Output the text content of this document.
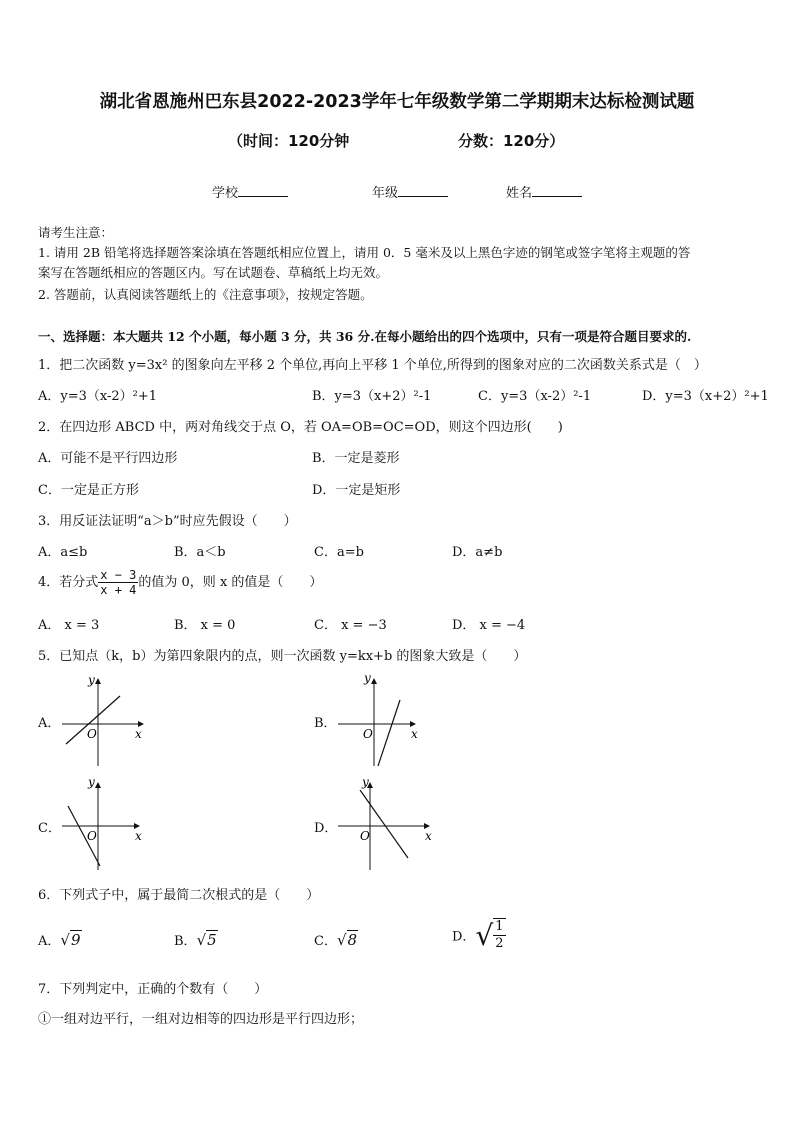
湖北省恩施州巴东县2022-2023学年七年级数学第二学期期末达标检测试题
（时间：120分钟	分数：120分）
学校	年级	姓名
请考生注意：
1. 请用 2B 铅笔将选择题答案涂填在答题纸相应位置上，请用 0．5 毫米及以上黑色字迹的钢笔或签字笔将主观题的答
案写在答题纸相应的答题区内。写在试题卷、草稿纸上均无效。
2. 答题前，认真阅读答题纸上的《注意事项》，按规定答题。
一、选择题：本大题共 12 个小题，每小题 3 分，共 36 分.在每小题给出的四个选项中，只有一项是符合题目要求的.
1．把二次函数 y=3x² 的图象向左平移 2 个单位,再向上平移 1 个单位,所得到的图象对应的二次函数关系式是（　）
A．y=3（x-2）²+1	B．y=3（x+2）²-1	C．y=3（x-2）²-1	D．y=3（x+2）²+1
2．在四边形 ABCD 中，两对角线交于点 O，若 OA=OB=OC=OD，则这个四边形(　　)
A．可能不是平行四边形	B．一定是菱形
C．一定是正方形	D．一定是矩形
3．用反证法证明“a＞b”时应先假设（　　）
A．a≤b	B．a＜b	C．a=b	D．a≠b
4．若分式 $\frac{x - 3}{x + 4}$ 的值为 0，则 x 的值是（　　）
A． x = 3	B． x = 0	C． x = −3	D． x = −4
5．已知点（k，b）为第四象限内的点，则一次函数 y=kx+b 的图象大致是（　　）
A．
O	x
y
B．
O	x
y
C． O	x
y
D． O	x
y
6．下列式子中，属于最简二次根式的是（　　）
A．√9	B．√5	C．√8	D．√ $\frac{1}{2}$
7．下列判定中，正确的个数有（　　）
①一组对边平行，一组对边相等的四边形是平行四边形；
